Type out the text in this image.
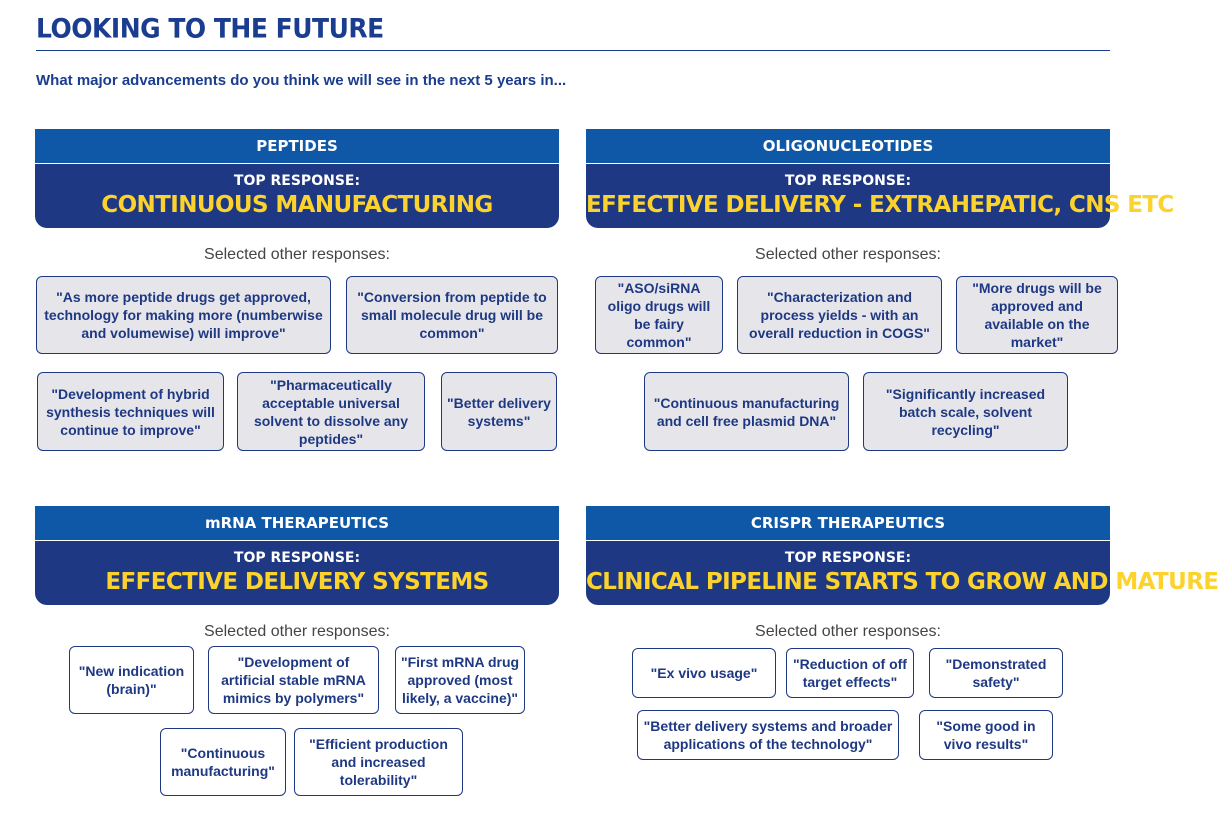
LOOKING TO THE FUTURE
What major advancements do you think we will see in the next 5 years in...
PEPTIDES
TOP RESPONSE:
CONTINUOUS MANUFACTURING
Selected other responses:
"As more peptide drugs get approved, technology for making more (numberwise and volumewise) will improve"
"Conversion from peptide to small molecule drug will be common"
"Development of hybrid synthesis techniques will continue to improve"
"Pharmaceutically acceptable universal solvent to dissolve any peptides"
"Better delivery systems"
OLIGONUCLEOTIDES
TOP RESPONSE:
EFFECTIVE DELIVERY - EXTRAHEPATIC, CNS ETC
Selected other responses:
"ASO/siRNA oligo drugs will be fairy common"
"Characterization and process yields - with an overall reduction in COGS"
"More drugs will be approved and available on the market"
"Continuous manufacturing and cell free plasmid DNA"
"Significantly increased batch scale, solvent recycling"
mRNA THERAPEUTICS
TOP RESPONSE:
EFFECTIVE DELIVERY SYSTEMS
Selected other responses:
"New indication (brain)"
"Development of artificial stable mRNA mimics by polymers"
"First mRNA drug approved (most likely, a vaccine)"
"Continuous manufacturing"
"Efficient production and increased tolerability"
CRISPR THERAPEUTICS
TOP RESPONSE:
CLINICAL PIPELINE STARTS TO GROW AND MATURE
Selected other responses:
"Ex vivo usage"
"Reduction of off target effects"
"Demonstrated safety"
"Better delivery systems and broader applications of the technology"
"Some good in vivo results"
